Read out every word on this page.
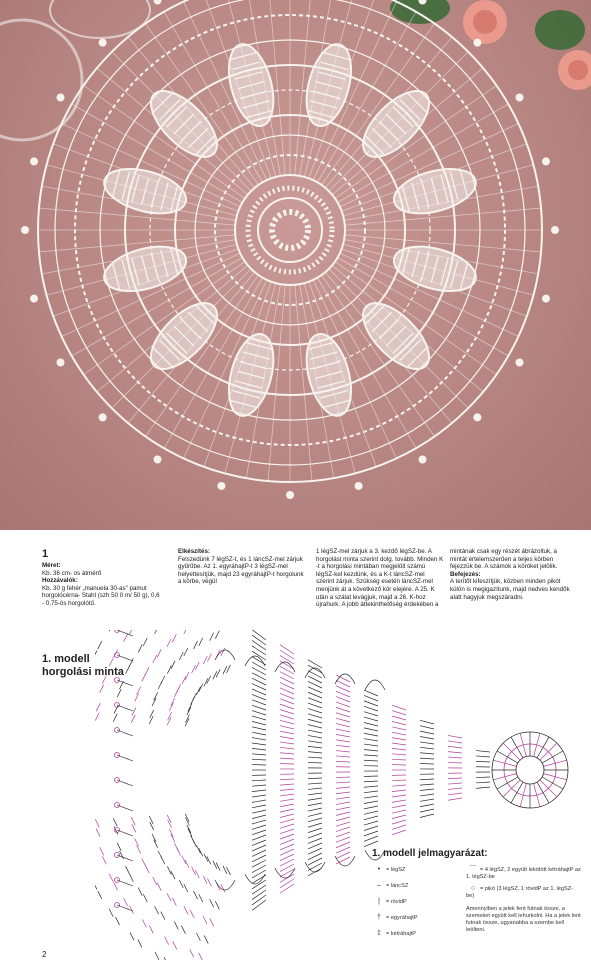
1

Méret:

Kb. 36 cm- os átmérő

Hozzávalók:

Kb. 30 g fehér „manuela 30-as" pamut horgolócérna- Stahl (szh 50 0 m/ 50 g), 0,6 - 0,75-ös horgolótű.

Elkészítés:

Felszedünk 7 légSZ-t, és 1 láncSZ-mel zárjuk gyűrűbe. Az 1. egyráhajtP-t 3 légSZ-mel helyettesítjük, majd 23 egyráhajtP-t horgolunk a körbe, végül

1 légSZ-mel zárjuk a 3. kezdő légSZ-be. A horgolást minta szerint dolg. tovább. Minden K -t a horgolási mintában megjelölt számú légSZ-kel kezdünk, és a K-t láncSZ-mel szerint zárjuk. Szükség esetén láncSZ-mel menjünk át a következő kör elejére. A 25. K után a szálat levágjuk, majd a 26. K-hoz újrahurk. A jobb áttekinthetőség érdekében a

mintának csak egy részét ábrázoltuk, a mintát értelemszerűen a teljes körben fejezzük be. A számok a köröket jelölik.

Befejezés:

A terítőt kifeszítjük, közben minden pikót külön is megigazítunk, majd nedves kendők alatt hagyjuk megszáradni.

1. modell
horgolási minta
1. modell jelmagyarázat:
• = légSZ
– = láncSZ
| = rövidP
† = egyráhajtP
‡ = kétráhajtP
⌒ = 4 légSZ, 2 együtt lekötött kétráhajtP az 1. légSZ-be
○ = pikó (3 légSZ, 1 rövidP az 1. légSZ-be)
Amennyiben a jelek fent futnak össze, a szemeket együtt kell lehurkolni. Ha a jelek lent futnak össze, ugyanabba a szembe kell leölteni.
2
